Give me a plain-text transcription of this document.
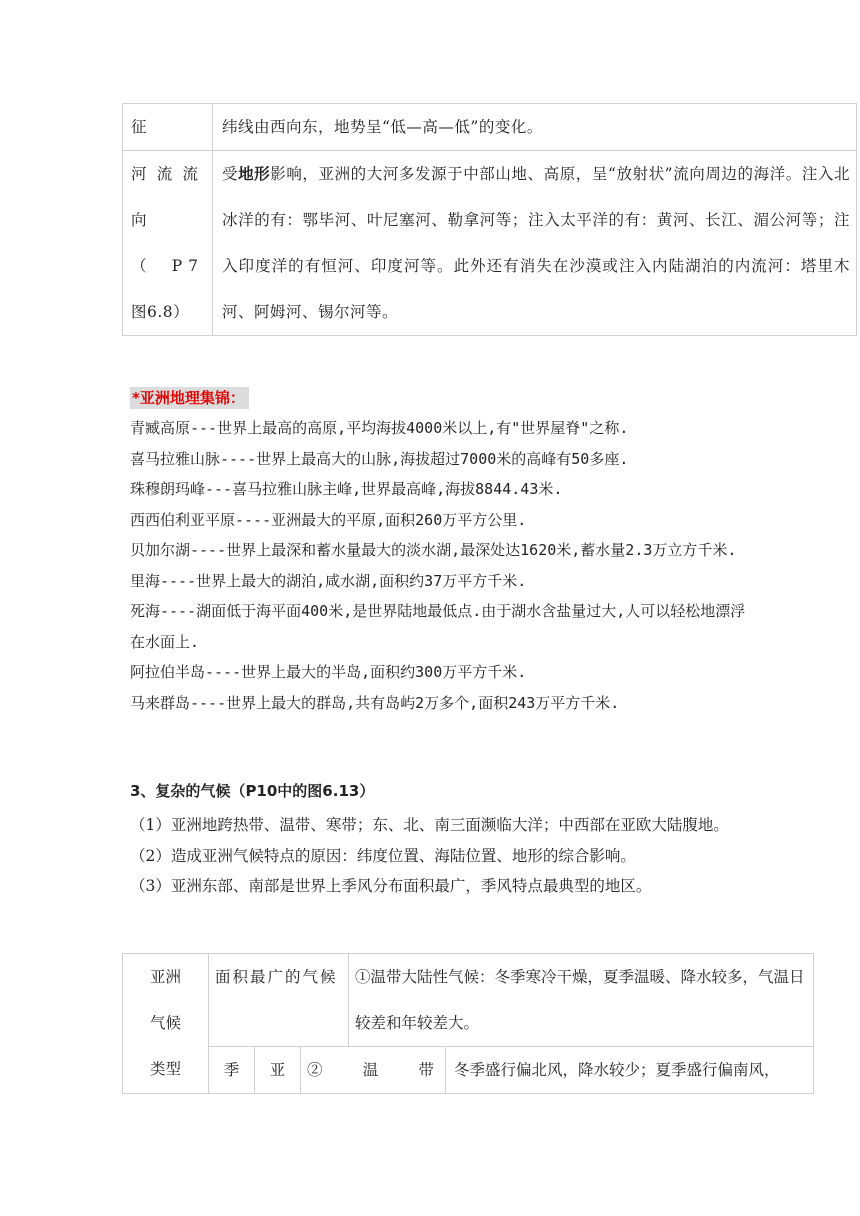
征	纬线由西向东，地势呈“低—高—低”的变化。

河流流
向（P7
图6.8）	受地形影响，亚洲的大河多发源于中部山地、高原，呈“放射状”流向周边的海洋。注入北冰洋的有：鄂毕河、叶尼塞河、勒拿河等；注入太平洋的有：黄河、长江、湄公河等；注入印度洋的有恒河、印度河等。此外还有消失在沙漠或注入内陆湖泊的内流河：塔里木河、阿姆河、锡尔河等。
*亚洲地理集锦：
青臧高原---世界上最高的高原,平均海拔4000米以上,有"世界屋脊"之称.
喜马拉雅山脉----世界上最高大的山脉,海拔超过7000米的高峰有50多座.
珠穆朗玛峰---喜马拉雅山脉主峰,世界最高峰,海拔8844.43米.
西西伯利亚平原----亚洲最大的平原,面积260万平方公里.
贝加尔湖----世界上最深和蓄水量最大的淡水湖,最深处达1620米,蓄水量2.3万立方千米.
里海----世界上最大的湖泊,咸水湖,面积约37万平方千米.
死海----湖面低于海平面400米,是世界陆地最低点.由于湖水含盐量过大,人可以轻松地漂浮在水面上.
阿拉伯半岛----世界上最大的半岛,面积约300万平方千米.
马来群岛----世界上最大的群岛,共有岛屿2万多个,面积243万平方千米.
3、复杂的气候（P10中的图6.13）
（1）亚洲地跨热带、温带、寒带；东、北、南三面濒临大洋；中西部在亚欧大陆腹地。
（2）造成亚洲气候特点的原因：纬度位置、海陆位置、地形的综合影响。
（3）亚洲东部、南部是世界上季风分布面积最广，季风特点最典型的地区。
亚洲
气候
类型	面积最广的气候			①温带大陆性气候：冬季寒冷干燥，夏季温暖、降水较多，气温日较差和年较差大。	

	季	亚	②温带		冬季盛行偏北风，降水较少；夏季盛行偏南风，
